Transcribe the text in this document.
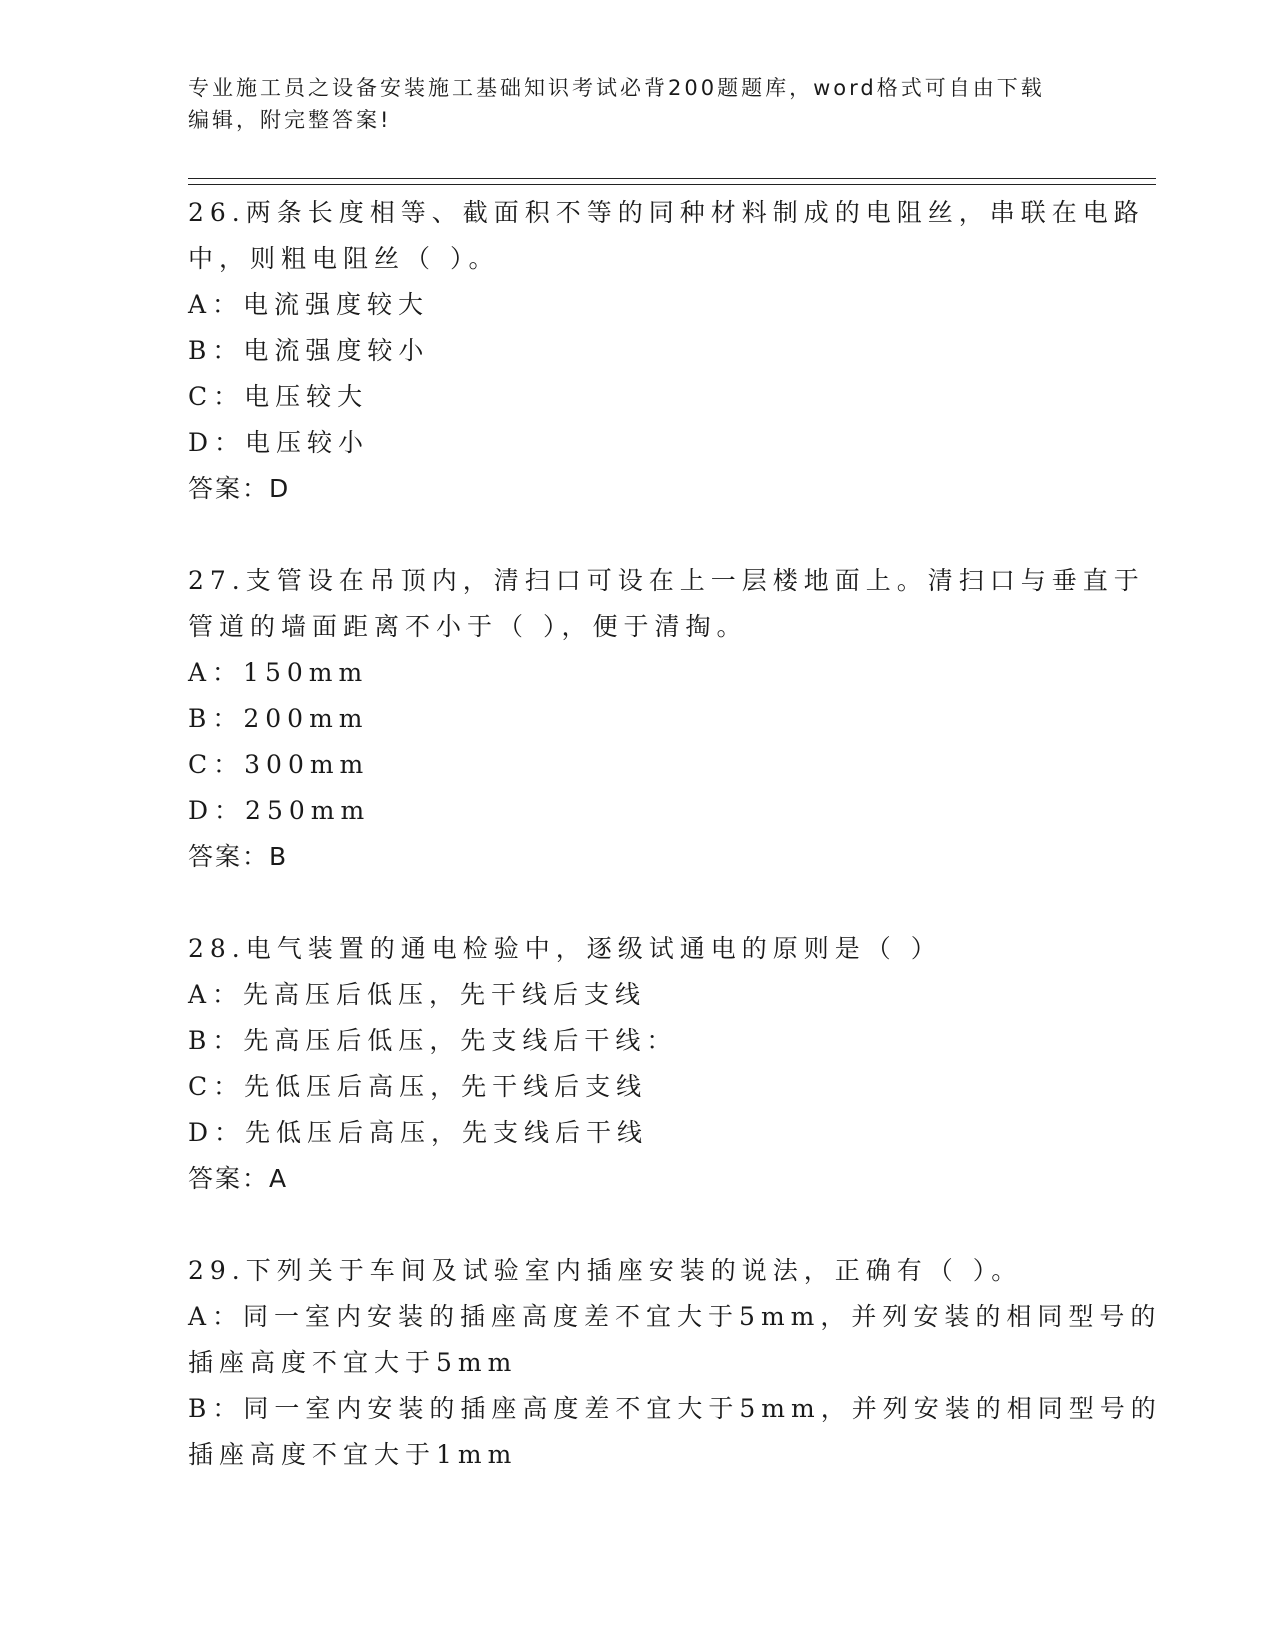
专业施工员之设备安装施工基础知识考试必背200题题库，word格式可自由下载
编辑，附完整答案!
26.两条长度相等、截面积不等的同种材料制成的电阻丝，串联在电路
中，则粗电阻丝（ ）。
A：电流强度较大
B：电流强度较小
C：电压较大
D：电压较小
答案：D
27.支管设在吊顶内，清扫口可设在上一层楼地面上。清扫口与垂直于
管道的墙面距离不小于（ ），便于清掏。
A：150mm
B：200mm
C：300mm
D：250mm
答案：B
28.电气装置的通电检验中，逐级试通电的原则是（ ）
A：先高压后低压，先干线后支线
B：先高压后低压，先支线后干线：
C：先低压后高压，先干线后支线
D：先低压后高压，先支线后干线
答案：A
29.下列关于车间及试验室内插座安装的说法，正确有（ ）。
A：同一室内安装的插座高度差不宜大于5mm，并列安装的相同型号的
插座高度不宜大于5mm
B：同一室内安装的插座高度差不宜大于5mm，并列安装的相同型号的
插座高度不宜大于1mm
